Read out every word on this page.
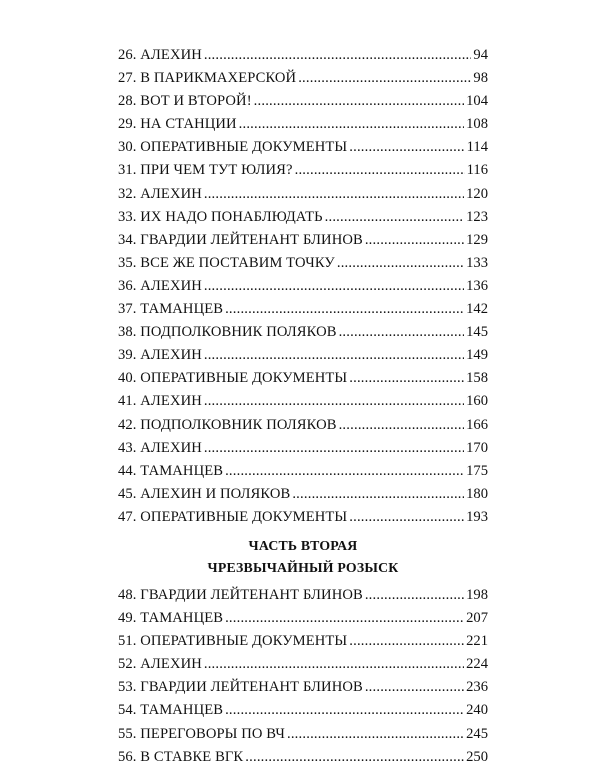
26. АЛЕХИН .....	94
27. В ПАРИКМАХЕРСКОЙ .....	98
28. ВОТ И ВТОРОЙ! .....	104
29. НА СТАНЦИИ .....	108
30. ОПЕРАТИВНЫЕ ДОКУМЕНТЫ .....	114
31. ПРИ ЧЕМ ТУТ ЮЛИЯ? .....	116
32. АЛЕХИН .....	120
33. ИХ НАДО ПОНАБЛЮДАТЬ .....	123
34. ГВАРДИИ ЛЕЙТЕНАНТ БЛИНОВ .....	129
35. ВСЕ ЖЕ ПОСТАВИМ ТОЧКУ .....	133
36. АЛЕХИН .....	136
37. ТАМАНЦЕВ .....	142
38. ПОДПОЛКОВНИК ПОЛЯКОВ .....	145
39. АЛЕХИН .....	149
40. ОПЕРАТИВНЫЕ ДОКУМЕНТЫ .....	158
41. АЛЕХИН .....	160
42. ПОДПОЛКОВНИК ПОЛЯКОВ .....	166
43. АЛЕХИН .....	170
44. ТАМАНЦЕВ .....	175
45. АЛЕХИН И ПОЛЯКОВ .....	180
47. ОПЕРАТИВНЫЕ ДОКУМЕНТЫ .....	193
ЧАСТЬ ВТОРАЯ
ЧРЕЗВЫЧАЙНЫЙ РОЗЫСК
48. ГВАРДИИ ЛЕЙТЕНАНТ БЛИНОВ .....	198
49. ТАМАНЦЕВ .....	207
51. ОПЕРАТИВНЫЕ ДОКУМЕНТЫ .....	221
52. АЛЕХИН .....	224
53. ГВАРДИИ ЛЕЙТЕНАНТ БЛИНОВ .....	236
54. ТАМАНЦЕВ .....	240
55. ПЕРЕГОВОРЫ ПО ВЧ .....	245
56. В СТАВКЕ ВГК .....	250
